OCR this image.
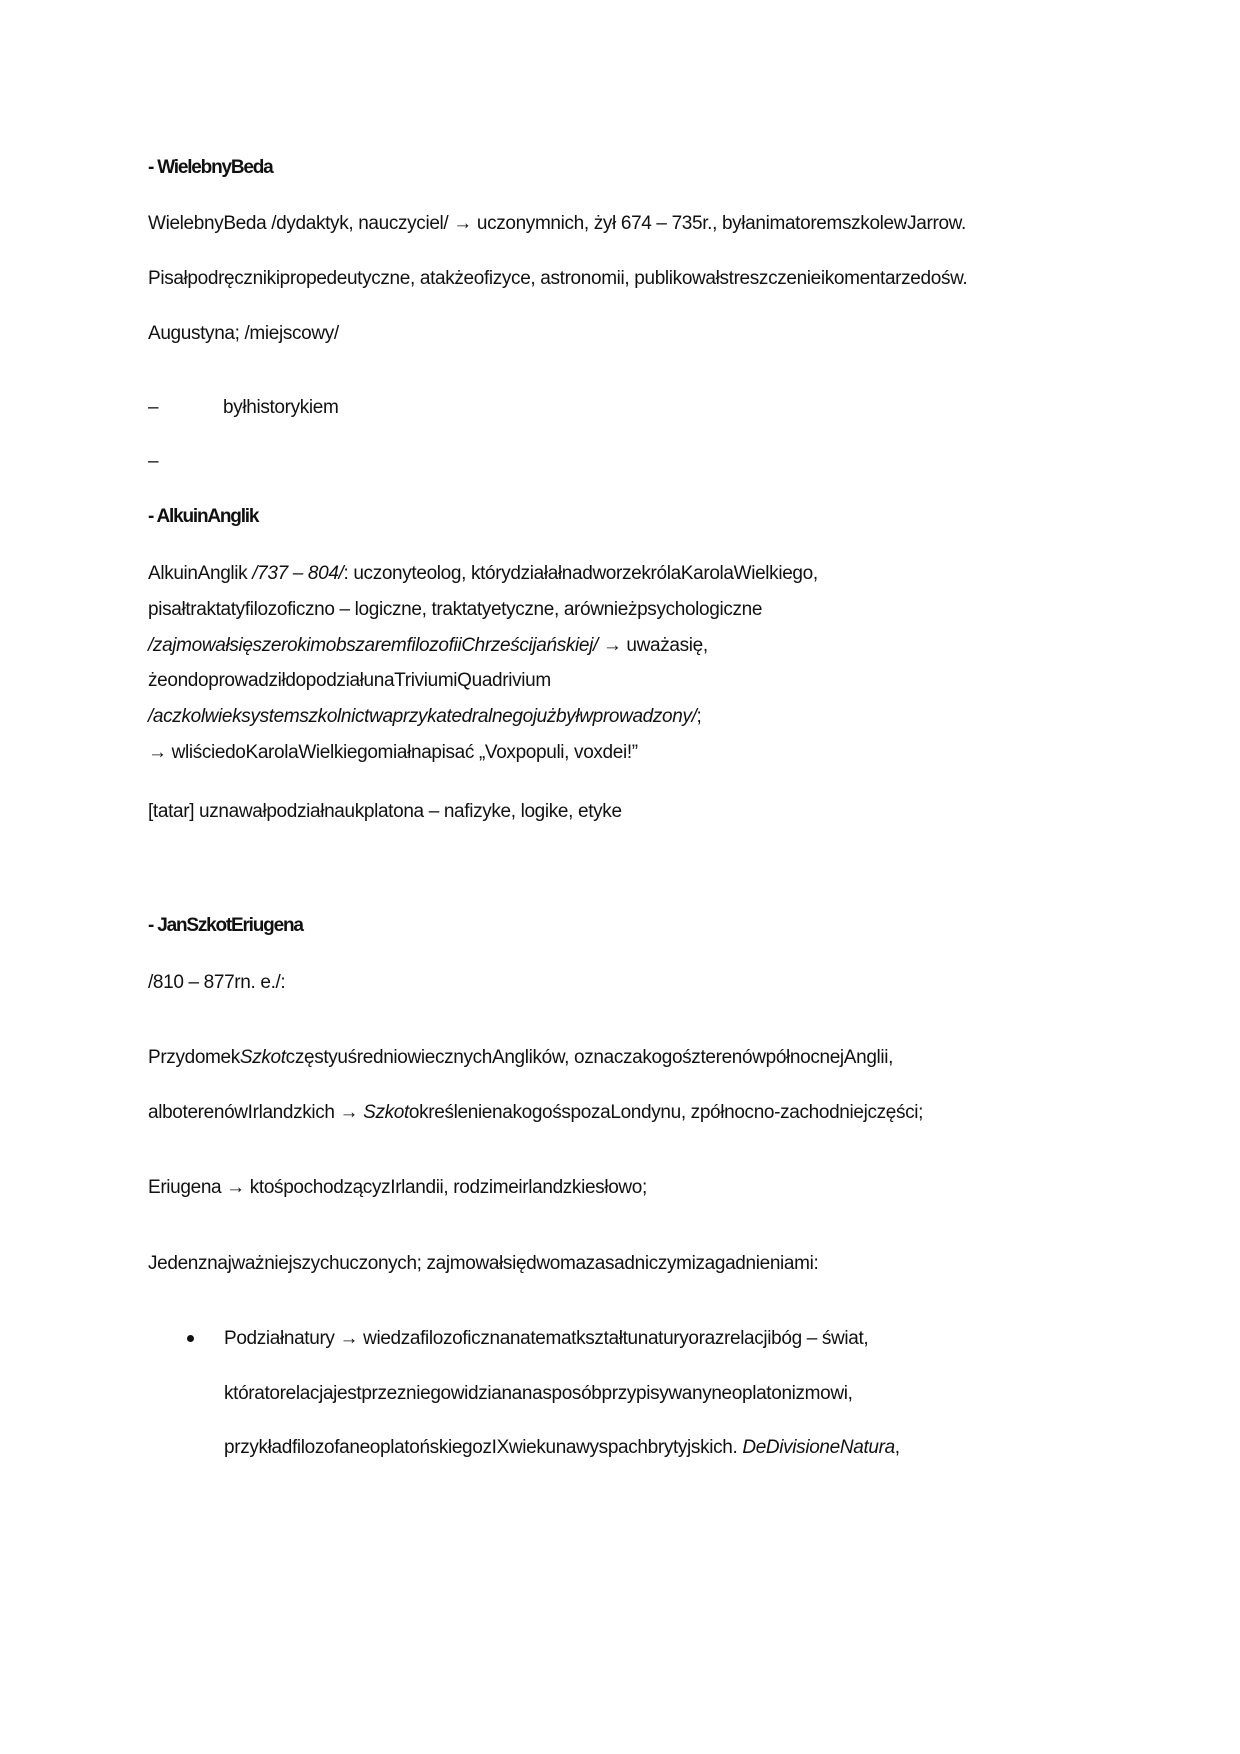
- WielebnyBeda
WielebnyBeda /dydaktyk, nauczyciel/ → uczonymnich, żył 674 – 735r., byłanimatoremszkolewJarrow.
Pisałpodręcznikipropedeutyczne, atakżeofizyce, astronomii, publikowałstreszczenieikomentarzedośw.
Augustyna; /miejscowy/
–	byłhistorykiem
–
- AlkuinAnglik
AlkuinAnglik /737 – 804/: uczonyteolog, którydziałałnadworzekrólaKarolaWielkiego,
pisałtraktatyfilozoficzno – logiczne, traktatyetyczne, arównieżpsychologiczne
/zajmowałsięszerokimobszaremfilozofiiChrześcijańskiej/ → uważasię,
żeondoprowadziłdopodziałunaTriviumiQuadrivium
/aczkolwieksystemszkolnictwaprzykatedralnegojużbyłwprowadzony/;
→ wliściedoKarolaWielkiegomiałnapisać „Voxpopuli, voxdei!”
[tatar] uznawałpodziałnaukplatona – nafizyke, logike, etyke
- JanSzkotEriugena
/810 – 877rn. e./:
PrzydomekSzkotczęstyuśredniowiecznychAnglików, oznaczakogośzterenówpółnocnejAnglii,
alboterenówIrlandzkich → SzkotokreślenienakogośspozaLondynu, zpółnocno-zachodniejczęści;
Eriugena → ktośpochodzącyzIrlandii, rodzimeirlandzkiesłowo;
Jedenznajważniejszychuczonych; zajmowałsiędwomazasadniczymizagadnieniami:
Podziałnatury → wiedzafilozoficznanatematkształtunaturyorazrelacjibóg – świat,
któratorelacjajestprzezniegowidziananasposóbprzypisywanyneoplatonizmowi,
przykładfilozofaneoplatońskiegozIXwiekunawyspachbrytyjskich. DeDivisioneNatura,
